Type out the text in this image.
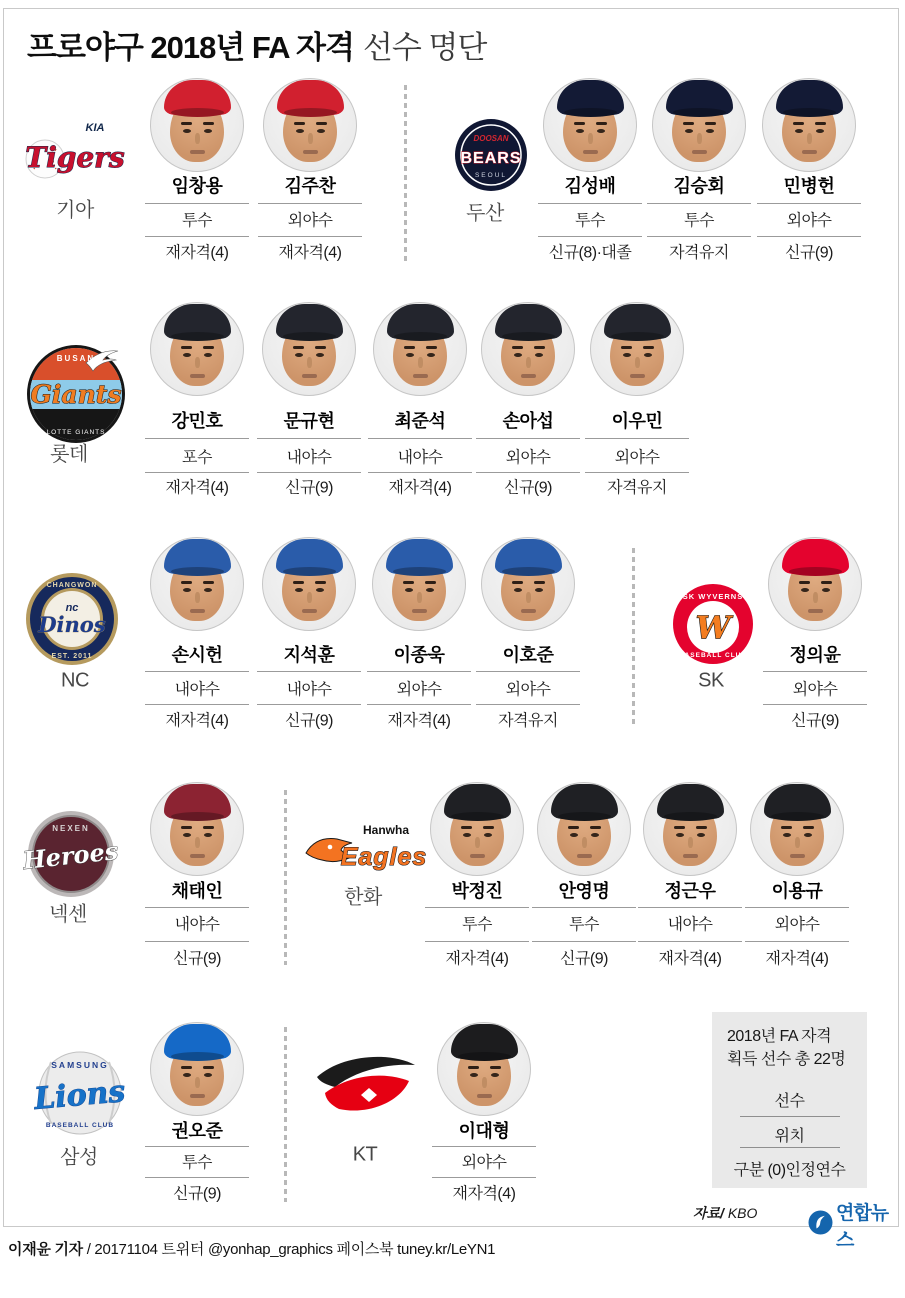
프로야구 2018년 FA 자격 선수 명단
KIA
Tigers
기아
임창용
투수
재자격(4)
김주찬
외야수
재자격(4)
DOOSAN
BEARS
SEOUL
두산
김성배
투수
신규(8)·대졸
김승회
투수
자격유지
민병헌
외야수
신규(9)
BUSAN
Giants
LOTTE GIANTS
롯데
강민호
포수
재자격(4)
문규현
내야수
신규(9)
최준석
내야수
재자격(4)
손아섭
외야수
신규(9)
이우민
외야수
자격유지
CHANGWON
nc
Dinos
EST. 2011
NC
손시헌
내야수
재자격(4)
지석훈
내야수
신규(9)
이종욱
외야수
재자격(4)
이호준
외야수
자격유지
SK WYVERNS
W
BASEBALL CLUB
SK
정의윤
외야수
신규(9)
NEXEN
Heroes
넥센
채태인
내야수
신규(9)
Hanwha
Eagles
한화	박정진
투수
재자격(4)
안영명
투수
신규(9)
정근우
내야수
재자격(4)
이용규
외야수
재자격(4)
SAMSUNG
Lions
BASEBALL CLUB
삼성
권오준
투수
신규(9)
KT
이대형
외야수
재자격(4)
2018년 FA 자격
획득 선수 총 22명
선수
위치
구분 (0)인정연수
자료/ KBO	연합뉴스
이재윤 기자 / 20171104 트위터 @yonhap_graphics 페이스북 tuney.kr/LeYN1
